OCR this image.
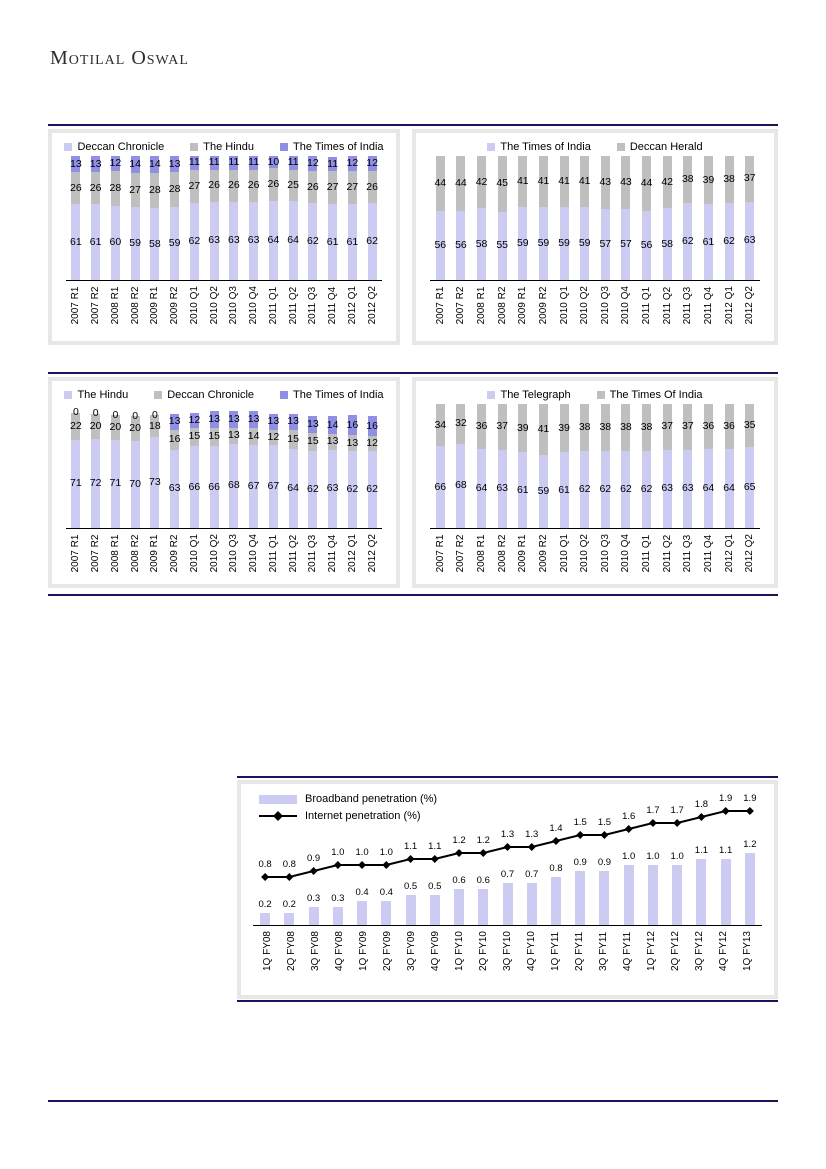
Motilal Oswal
Deccan Chronicle	The Hindu	The Times of India
61
26
13
61
26
13
60
28
12
59
27
14
58
28
14
59
28
13
62
27
11
63
26
11
63
26
11
63
26
11
64
26
10
64
25
11
62
26
12
61
27
11
61
27
12
62
26
12
2007 R1 2007 R2 2008 R1 2008 R2 2009 R1 2009 R2 2010 Q1 2010 Q2 2010 Q3 2010 Q4 2011 Q1 2011 Q2 2011 Q3 2011 Q4 2012 Q1 2012 Q2
The Times of India	Deccan Herald
56
44
56
44
58
42
55
45
59
41
59
41
59
41
59
41
57
43
57
43
56
44
58
42
62
38
61
39
62
38
63
37
2007 R1 2007 R2 2008 R1 2008 R2 2009 R1 2009 R2 2010 Q1 2010 Q2 2010 Q3 2010 Q4 2011 Q1 2011 Q2 2011 Q3 2011 Q4 2012 Q1 2012 Q2
The Hindu	Deccan Chronicle	The Times of India
71
22
0
72
20
0
71
20
0
70
20
0
73
18
0
63
16
13
66
15
12
66
15
13
68
13
13
67
14
13
67
12
13
64
15
13
62
15
13
63
13
14
62
13
16
62
12
16
2007 R1 2007 R2 2008 R1 2008 R2 2009 R1 2009 R2 2010 Q1 2010 Q2 2010 Q3 2010 Q4 2011 Q1 2011 Q2 2011 Q3 2011 Q4 2012 Q1 2012 Q2
The Telegraph	The Times Of India
66
34
68
32
64
36
63
37
61
39
59
41
61
39
62
38
62
38
62
38
62
38
63
37
63
37
64
36
64
36
65
35
2007 R1 2007 R2 2008 R1 2008 R2 2009 R1 2009 R2 2010 Q1 2010 Q2 2010 Q3 2010 Q4 2011 Q1 2011 Q2 2011 Q3 2011 Q4 2012 Q1 2012 Q2
Broadband penetration (%)
Internet penetration (%)
0.2 0.2
0.3 0.3
0.4 0.4
0.5 0.5
0.6 0.6
0.7 0.7
0.8
0.9 0.9
1.0 1.0 1.0
1.1 1.1
1.2
0.8 0.8
0.9
1.0 1.0 1.0
1.1 1.1
1.2 1.2
1.3 1.3
1.4
1.5 1.5
1.6
1.7 1.7
1.8
1.9 1.9
1Q FY08 2Q FY08 3Q FY08 4Q FY08 1Q FY09 2Q FY09 3Q FY09 4Q FY09 1Q FY10 2Q FY10 3Q FY10 4Q FY10 1Q FY11 2Q FY11 3Q FY11 4Q FY11 1Q FY12 2Q FY12 3Q FY12 4Q FY12 1Q FY13
